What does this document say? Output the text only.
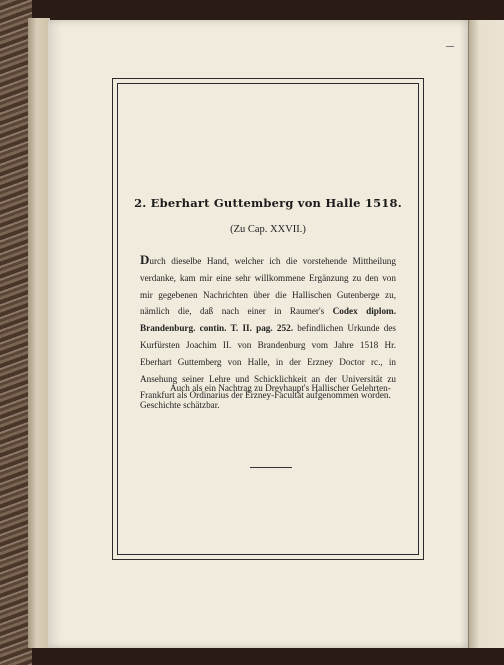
2. Eberhart Guttemberg von Halle 1518.
(Zu Cap. XXVII.)
Durch dieselbe Hand, welcher ich die vorstehende Mittheilung verdanke, kam mir eine sehr willkommene Ergänzung zu den von mir gegebenen Nachrichten über die Hallischen Gutenberge zu, nämlich die, daß nach einer in Raumer's Codex diplom. Brandenburg. contin. T. II. pag. 252. befindlichen Urkunde des Kurfürsten Joachim II. von Brandenburg vom Jahre 1518 Hr. Eberhart Guttemberg von Halle, in der Erzney Doctor rc., in Ansehung seiner Lehre und Schicklichkeit an der Universität zu Frankfurt als Ordinarius der Erzney-Facultät aufgenommen worden.
Auch als ein Nachtrag zu Dreyhaupt's Hallischer Gelehrten-Geschichte schätzbar.
